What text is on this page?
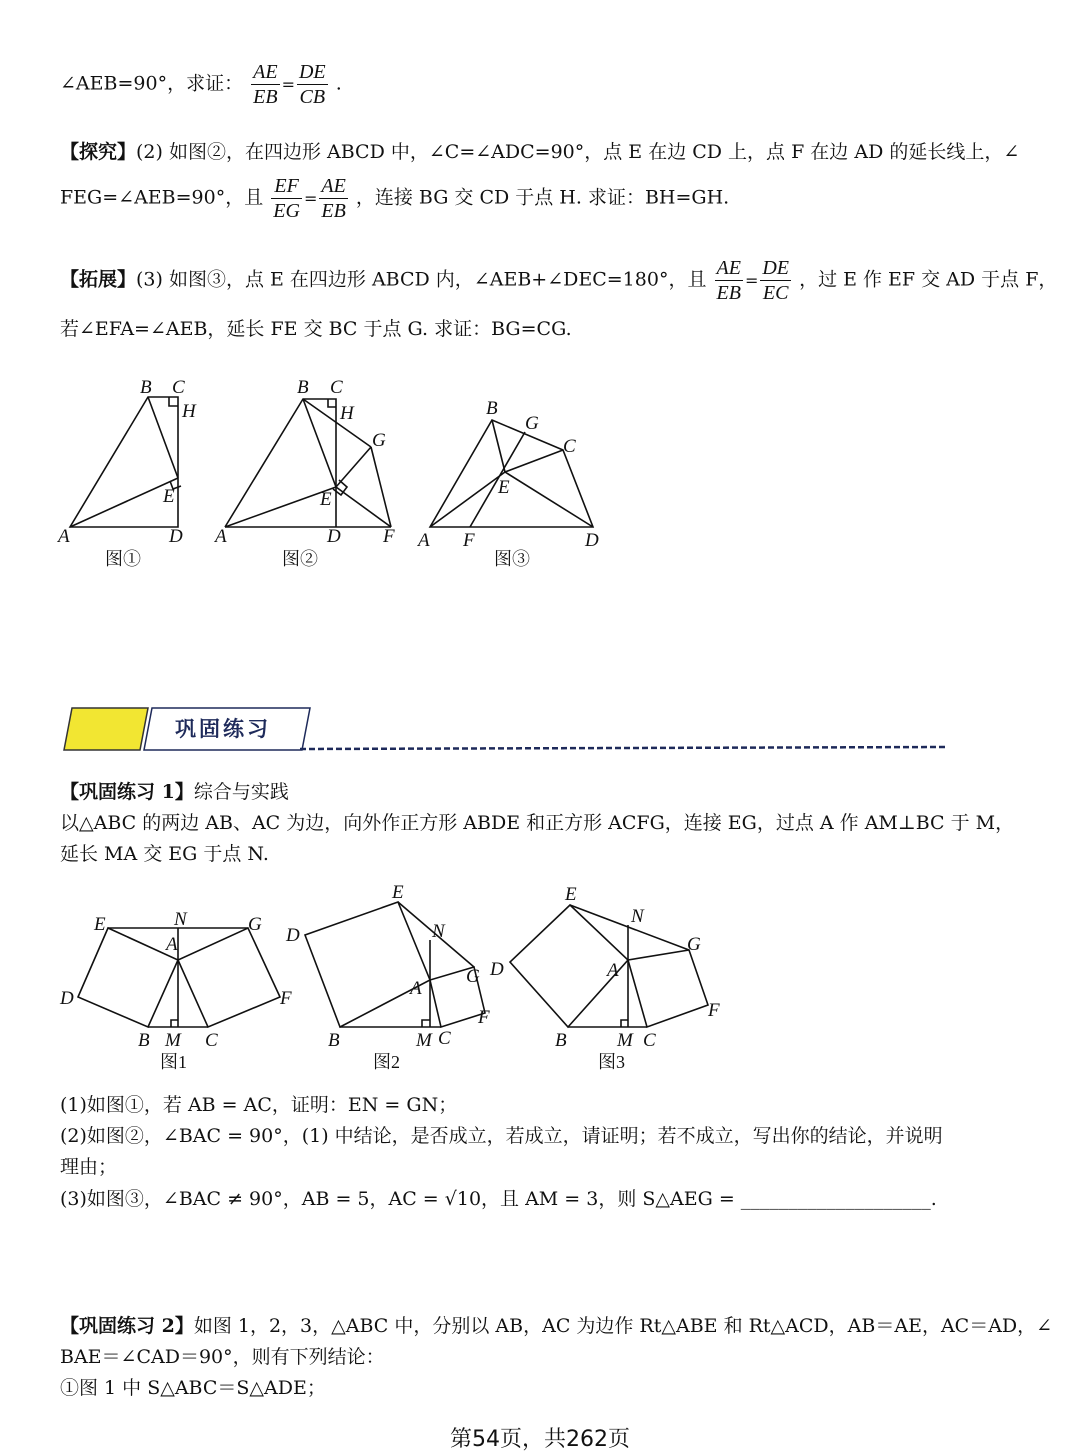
∠AEB=90°，求证： $\frac{AE}{EB} = \frac{DE}{CB}$ .
【探究】(2) 如图②，在四边形 ABCD 中，∠C=∠ADC=90°，点 E 在边 CD 上，点 F 在边 AD 的延长线上，∠
FEG=∠AEB=90°，且 $\frac{EF}{EG} = \frac{AE}{EB}$ ，连接 BG 交 CD 于点 H. 求证：BH=GH.
【拓展】(3) 如图③，点 E 在四边形 ABCD 内，∠AEB+∠DEC=180°，且 $\frac{AE}{EB} = \frac{DE}{EC}$ ，过 E 作 EF 交 AD 于点 F，
若∠EFA=∠AEB，延长 FE 交 BC 于点 G. 求证：BG=CG.
A
B C
H
E
D
图①
A
B C
H
G
E
D F
图②
A
B
G
C
E
F	D
图③
巩固练习
【巩固练习 1】综合与实践
以△ABC 的两边 AB、AC 为边，向外作正方形 ABDE 和正方形 ACFG，连接 EG，过点 A 作 AM⊥BC 于 M，
延长 MA 交 EG 于点 N.
E	N	G
A
D	F
B M C
图1
E
N
D
G
A
F
B	M C
图2
E
N
D
G
A
F
B	M C
图3
(1)如图①，若 AB = AC，证明：EN = GN；
(2)如图②，∠BAC = 90°，(1) 中结论，是否成立，若成立，请证明；若不成立，写出你的结论，并说明
理由；
(3)如图③，∠BAC ≠ 90°，AB = 5，AC = √10，且 AM = 3，则 S△AEG = ____________________.
【巩固练习 2】如图 1，2，3，△ABC 中，分别以 AB，AC 为边作 Rt△ABE 和 Rt△ACD，AB＝AE，AC＝AD，∠
BAE＝∠CAD＝90°，则有下列结论：
①图 1 中 S△ABC＝S△ADE；
第54页，共262页
